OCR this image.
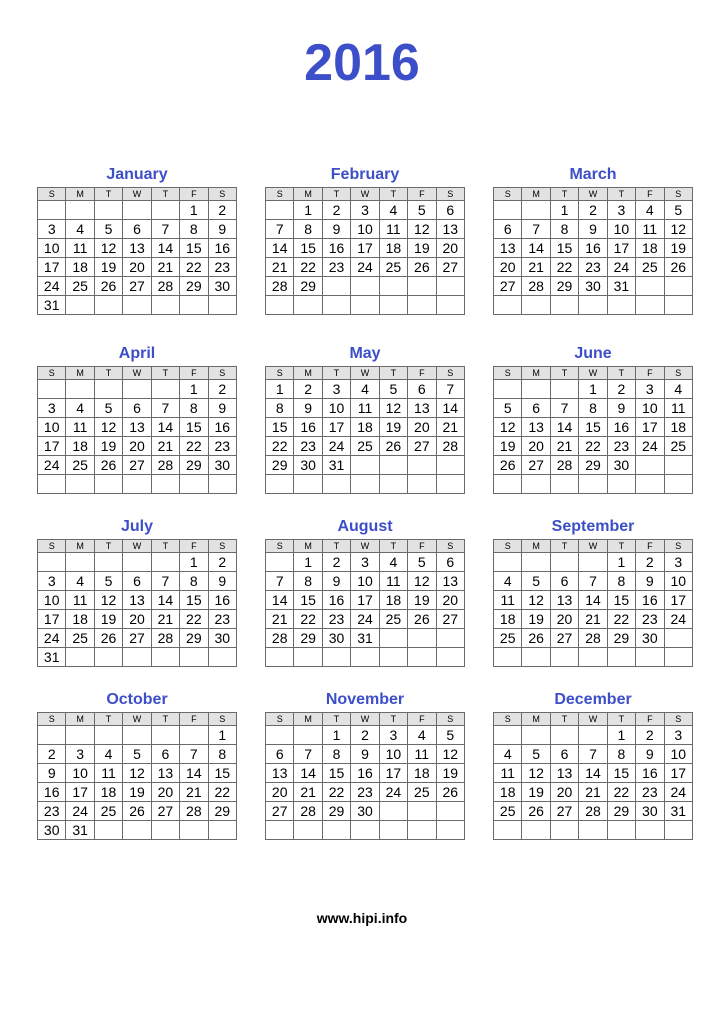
2016
January
S	M	T	W	T	F	S
					1	2
3	4	5	6	7	8	9
10	11	12	13	14	15	16
17	18	19	20	21	22	23
24	25	26	27	28	29	30
31						
February
S	M	T	W	T	F	S
	1	2	3	4	5	6
7	8	9	10	11	12	13
14	15	16	17	18	19	20
21	22	23	24	25	26	27
28	29					

March
S	M	T	W	T	F	S
		1	2	3	4	5
6	7	8	9	10	11	12
13	14	15	16	17	18	19
20	21	22	23	24	25	26
27	28	29	30	31		

April
S	M	T	W	T	F	S
					1	2
3	4	5	6	7	8	9
10	11	12	13	14	15	16
17	18	19	20	21	22	23
24	25	26	27	28	29	30

May
S	M	T	W	T	F	S
1	2	3	4	5	6	7
8	9	10	11	12	13	14
15	16	17	18	19	20	21
22	23	24	25	26	27	28
29	30	31				

June
S	M	T	W	T	F	S
			1	2	3	4
5	6	7	8	9	10	11
12	13	14	15	16	17	18
19	20	21	22	23	24	25
26	27	28	29	30		

July
S	M	T	W	T	F	S
					1	2
3	4	5	6	7	8	9
10	11	12	13	14	15	16
17	18	19	20	21	22	23
24	25	26	27	28	29	30
31						
August
S	M	T	W	T	F	S
	1	2	3	4	5	6
7	8	9	10	11	12	13
14	15	16	17	18	19	20
21	22	23	24	25	26	27
28	29	30	31			

September
S	M	T	W	T	F	S
				1	2	3
4	5	6	7	8	9	10
11	12	13	14	15	16	17
18	19	20	21	22	23	24
25	26	27	28	29	30	

October
S	M	T	W	T	F	S
						1
2	3	4	5	6	7	8
9	10	11	12	13	14	15
16	17	18	19	20	21	22
23	24	25	26	27	28	29
30	31					
November
S	M	T	W	T	F	S
		1	2	3	4	5
6	7	8	9	10	11	12
13	14	15	16	17	18	19
20	21	22	23	24	25	26
27	28	29	30			

December
S	M	T	W	T	F	S
				1	2	3
4	5	6	7	8	9	10
11	12	13	14	15	16	17
18	19	20	21	22	23	24
25	26	27	28	29	30	31

www.hipi.info
